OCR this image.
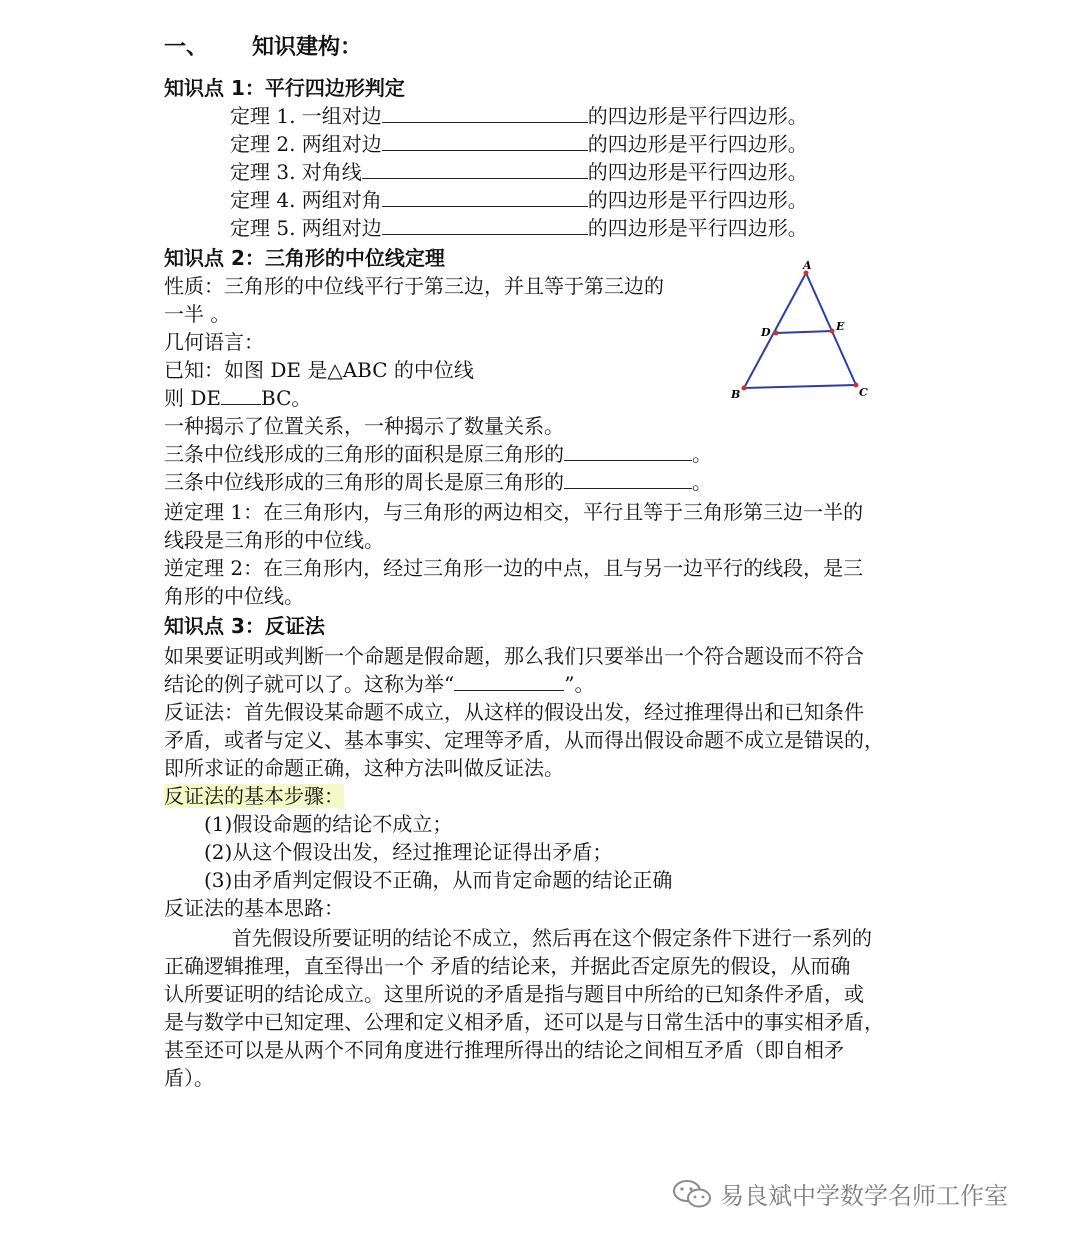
一、 知识建构：
知识点 1：平行四边形判定
定理 1. 一组对边	的四边形是平行四边形。
定理 2. 两组对边	的四边形是平行四边形。
定理 3. 对角线	的四边形是平行四边形。
定理 4. 两组对角	的四边形是平行四边形。
定理 5. 两组对边	的四边形是平行四边形。
知识点 2：三角形的中位线定理
性质：三角形的中位线平行于第三边，并且等于第三边的
一半 。
几何语言：
已知：如图 DE 是△ABC 的中位线
则 DE BC。
一种揭示了位置关系，一种揭示了数量关系。
三条中位线形成的三角形的面积是原三角形的	。
三条中位线形成的三角形的周长是原三角形的	。
逆定理 1：在三角形内，与三角形的两边相交，平行且等于三角形第三边一半的
线段是三角形的中位线。
逆定理 2：在三角形内，经过三角形一边的中点，且与另一边平行的线段，是三
角形的中位线。
A
B	C
D	E
知识点 3：反证法
如果要证明或判断一个命题是假命题，那么我们只要举出一个符合题设而不符合
结论的例子就可以了。这称为举“	”。
反证法：首先假设某命题不成立，从这样的假设出发，经过推理得出和已知条件
矛盾，或者与定义、基本事实、定理等矛盾，从而得出假设命题不成立是错误的，
即所求证的命题正确，这种方法叫做反证法。
反证法的基本步骤：
(1)假设命题的结论不成立；
(2)从这个假设出发，经过推理论证得出矛盾；
(3)由矛盾判定假设不正确，从而肯定命题的结论正确
反证法的基本思路：
首先假设所要证明的结论不成立，然后再在这个假定条件下进行一系列的
正确逻辑推理，直至得出一个 矛盾的结论来，并据此否定原先的假设，从而确
认所要证明的结论成立。这里所说的矛盾是指与题目中所给的已知条件矛盾，或
是与数学中已知定理、公理和定义相矛盾，还可以是与日常生活中的事实相矛盾，
甚至还可以是从两个不同角度进行推理所得出的结论之间相互矛盾（即自相矛
盾）。
易良斌中学数学名师工作室
